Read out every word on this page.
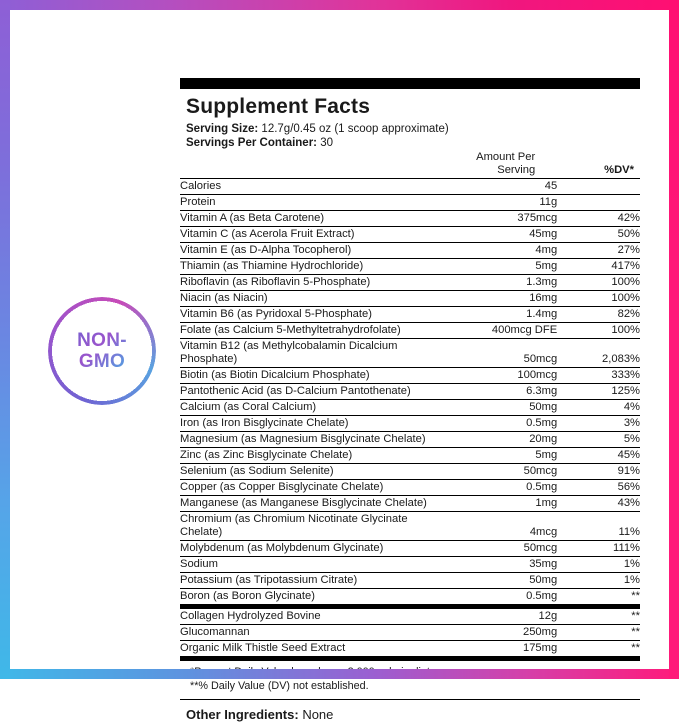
NON-
GMO
Supplement Facts
Serving Size: 12.7g/0.45 oz (1 scoop approximate)
Servings Per Container: 30
	Amount Per Serving	%DV*
Calories	45	
Protein	11g	
Vitamin A (as Beta Carotene)	375mcg	42%
Vitamin C (as Acerola Fruit Extract)	45mg	50%
Vitamin E (as D-Alpha Tocopherol)	4mg	27%
Thiamin (as Thiamine Hydrochloride)	5mg	417%
Riboflavin (as Riboflavin 5-Phosphate)	1.3mg	100%
Niacin (as Niacin)	16mg	100%
Vitamin B6 (as Pyridoxal 5-Phosphate)	1.4mg	82%
Folate (as Calcium 5-Methyltetrahydrofolate)	400mcg DFE	100%
Vitamin B12 (as Methylcobalamin Dicalcium Phosphate)	50mcg	2,083%
Biotin (as Biotin Dicalcium Phosphate)	100mcg	333%
Pantothenic Acid (as D-Calcium Pantothenate)	6.3mg	125%
Calcium (as Coral Calcium)	50mg	4%
Iron (as Iron Bisglycinate Chelate)	0.5mg	3%
Magnesium (as Magnesium Bisglycinate Chelate)	20mg	5%
Zinc (as Zinc Bisglycinate Chelate)	5mg	45%
Selenium (as Sodium Selenite)	50mcg	91%
Copper (as Copper Bisglycinate Chelate)	0.5mg	56%
Manganese (as Manganese Bisglycinate Chelate)	1mg	43%
Chromium (as Chromium Nicotinate Glycinate Chelate)	4mcg	11%
Molybdenum (as Molybdenum Glycinate)	50mcg	111%
Sodium	35mg	1%
Potassium (as Tripotassium Citrate)	50mg	1%
Boron (as Boron Glycinate)	0.5mg	**
Collagen Hydrolyzed Bovine	12g	**
Glucomannan	250mg	**
Organic Milk Thistle Seed Extract	175mg	**
**% Daily Value (DV) not established.
Other Ingredients: None
